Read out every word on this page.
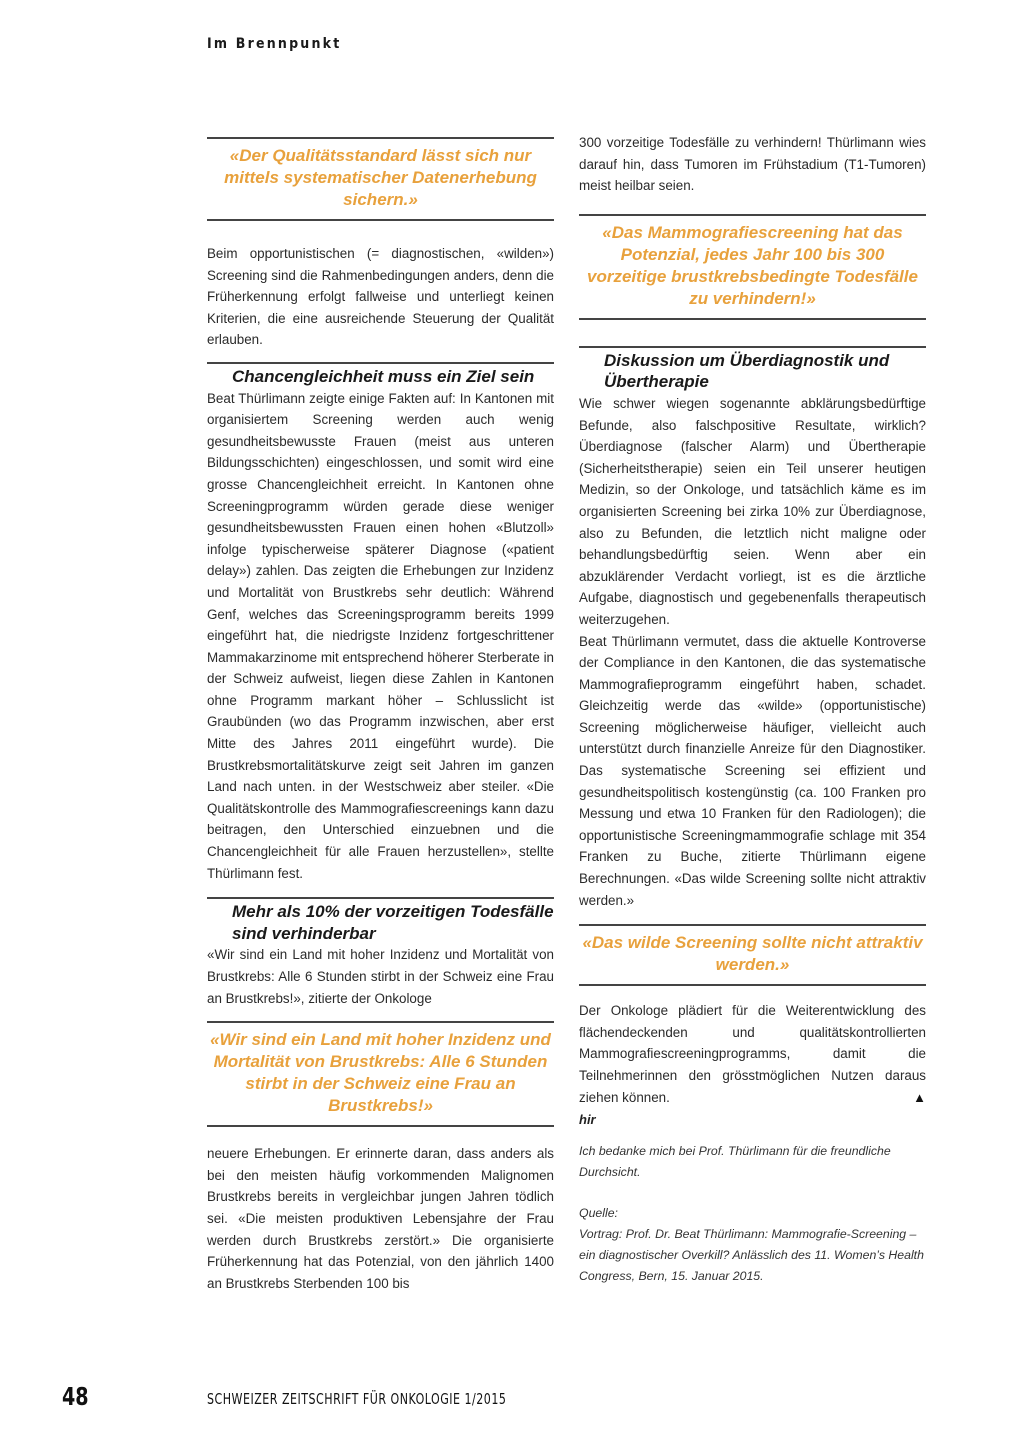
Im Brennpunkt
«Der Qualitätsstandard lässt sich nur mittels systematischer Datenerhebung sichern.»

Beim opportunistischen (= diagnostischen, «wilden») Screening sind die Rahmenbedingungen anders, denn die Früherkennung erfolgt fallweise und unterliegt keinen Kriterien, die eine ausreichende Steuerung der Qualität erlauben.

Chancengleichheit muss ein Ziel sein

Beat Thürlimann zeigte einige Fakten auf: In Kantonen mit organisiertem Screening werden auch wenig gesundheitsbewusste Frauen (meist aus unteren Bildungsschichten) eingeschlossen, und somit wird eine grosse Chancengleichheit erreicht. In Kantonen ohne Screeningprogramm würden gerade diese weniger gesundheitsbewussten Frauen einen hohen «Blutzoll» infolge typischerweise späterer Diagnose («patient delay») zahlen. Das zeigten die Erhebungen zur Inzidenz und Mortalität von Brustkrebs sehr deutlich: Während Genf, welches das Screeningsprogramm bereits 1999 eingeführt hat, die niedrigste Inzidenz fortgeschrittener Mammakarzinome mit entsprechend höherer Sterberate in der Schweiz aufweist, liegen diese Zahlen in Kantonen ohne Programm markant höher – Schlusslicht ist Graubünden (wo das Programm inzwischen, aber erst Mitte des Jahres 2011 eingeführt wurde). Die Brustkrebsmortalitätskurve zeigt seit Jahren im ganzen Land nach unten. in der Westschweiz aber steiler. «Die Qualitätskontrolle des Mammografiescreenings kann dazu beitragen, den Unterschied einzuebnen und die Chancengleichheit für alle Frauen herzustellen», stellte Thürlimann fest.

Mehr als 10% der vorzeitigen Todesfälle sind verhinderbar

«Wir sind ein Land mit hoher Inzidenz und Mortalität von Brustkrebs: Alle 6 Stunden stirbt in der Schweiz eine Frau an Brustkrebs!», zitierte der Onkologe

«Wir sind ein Land mit hoher Inzidenz und Mortalität von Brustkrebs: Alle 6 Stunden stirbt in der Schweiz eine Frau an Brustkrebs!»

neuere Erhebungen. Er erinnerte daran, dass anders als bei den meisten häufig vorkommenden Malignomen Brustkrebs bereits in vergleichbar jungen Jahren tödlich sei. «Die meisten produktiven Lebensjahre der Frau werden durch Brustkrebs zerstört.» Die organisierte Früherkennung hat das Potenzial, von den jährlich 1400 an Brustkrebs Sterbenden 100 bis

300 vorzeitige Todesfälle zu verhindern! Thürlimann wies darauf hin, dass Tumoren im Frühstadium (T1-Tumoren) meist heilbar seien.

«Das Mammografiescreening hat das Potenzial, jedes Jahr 100 bis 300 vorzeitige brustkrebsbedingte Todesfälle zu verhindern!»
Diskussion um Überdiagnostik und Übertherapie

Wie schwer wiegen sogenannte abklärungsbedürftige Befunde, also falschpositive Resultate, wirklich? Überdiagnose (falscher Alarm) und Übertherapie (Sicherheitstherapie) seien ein Teil unserer heutigen Medizin, so der Onkologe, und tatsächlich käme es im organisierten Screening bei zirka 10% zur Überdiagnose, also zu Befunden, die letztlich nicht maligne oder behandlungsbedürftig seien. Wenn aber ein abzuklärender Verdacht vorliegt, ist es die ärztliche Aufgabe, diagnostisch und gegebenenfalls therapeutisch weiterzugehen.

Beat Thürlimann vermutet, dass die aktuelle Kontroverse der Compliance in den Kantonen, die das systematische Mammografieprogramm eingeführt haben, schadet. Gleichzeitig werde das «wilde» (opportunistische) Screening möglicherweise häufiger, vielleicht auch unterstützt durch finanzielle Anreize für den Diagnostiker. Das systematische Screening sei effizient und gesundheitspolitisch kostengünstig (ca. 100 Franken pro Messung und etwa 10 Franken für den Radiologen); die opportunistische Screeningmammografie schlage mit 354 Franken zu Buche, zitierte Thürlimann eigene Berechnungen. «Das wilde Screening sollte nicht attraktiv werden.»

«Das wilde Screening sollte nicht attraktiv werden.»

Der Onkologe plädiert für die Weiterentwicklung des flächendeckenden und qualitätskontrollierten Mammografiescreeningprogramms, damit die Teilnehmerinnen den grösstmöglichen Nutzen daraus ziehen können.	▲

hir

Ich bedanke mich bei Prof. Thürlimann für die freundliche Durchsicht.

Quelle:

Vortrag: Prof. Dr. Beat Thürlimann: Mammografie-Screening – ein diagnostischer Overkill? Anlässlich des 11. Women’s Health Congress, Bern, 15. Januar 2015.

48	SCHWEIZER ZEITSCHRIFT FÜR ONKOLOGIE 1/2015
